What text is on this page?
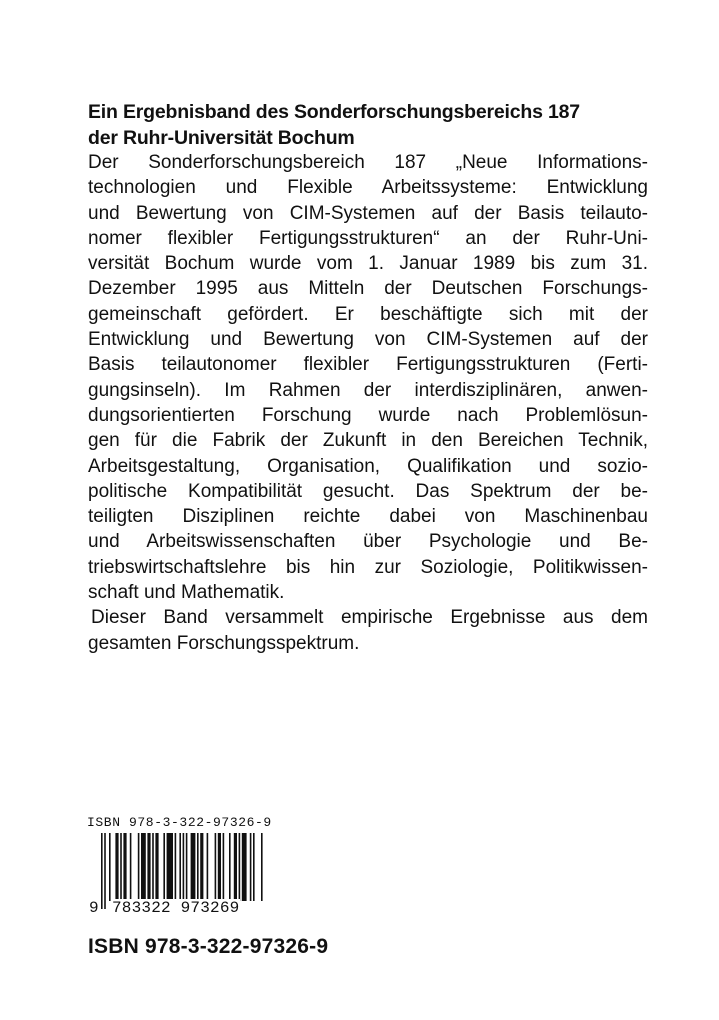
Ein Ergebnisband des Sonderforschungsbereichs 187
der Ruhr-Universität Bochum
Der Sonderforschungsbereich 187 „Neue Informations-
technologien und Flexible Arbeitssysteme: Entwicklung
und Bewertung von CIM-Systemen auf der Basis teilauto-
nomer flexibler Fertigungsstrukturen“ an der Ruhr-Uni-
versität Bochum wurde vom 1. Januar 1989 bis zum 31.
Dezember 1995 aus Mitteln der Deutschen Forschungs-
gemeinschaft gefördert. Er beschäftigte sich mit der
Entwicklung und Bewertung von CIM-Systemen auf der
Basis teilautonomer flexibler Fertigungsstrukturen (Ferti-
gungsinseln). Im Rahmen der interdisziplinären, anwen-
dungsorientierten Forschung wurde nach Problemlösun-
gen für die Fabrik der Zukunft in den Bereichen Technik,
Arbeitsgestaltung, Organisation, Qualifikation und sozio-
politische Kompatibilität gesucht. Das Spektrum der be-
teiligten Disziplinen reichte dabei von Maschinenbau
und Arbeitswissenschaften über Psychologie und Be-
triebswirtschaftslehre bis hin zur Soziologie, Politikwissen-
schaft und Mathematik.
Dieser Band versammelt empirische Ergebnisse aus dem
gesamten Forschungsspektrum.
ISBN 978-3-322-97326-9
9 783322 973269
ISBN 978-3-322-97326-9
